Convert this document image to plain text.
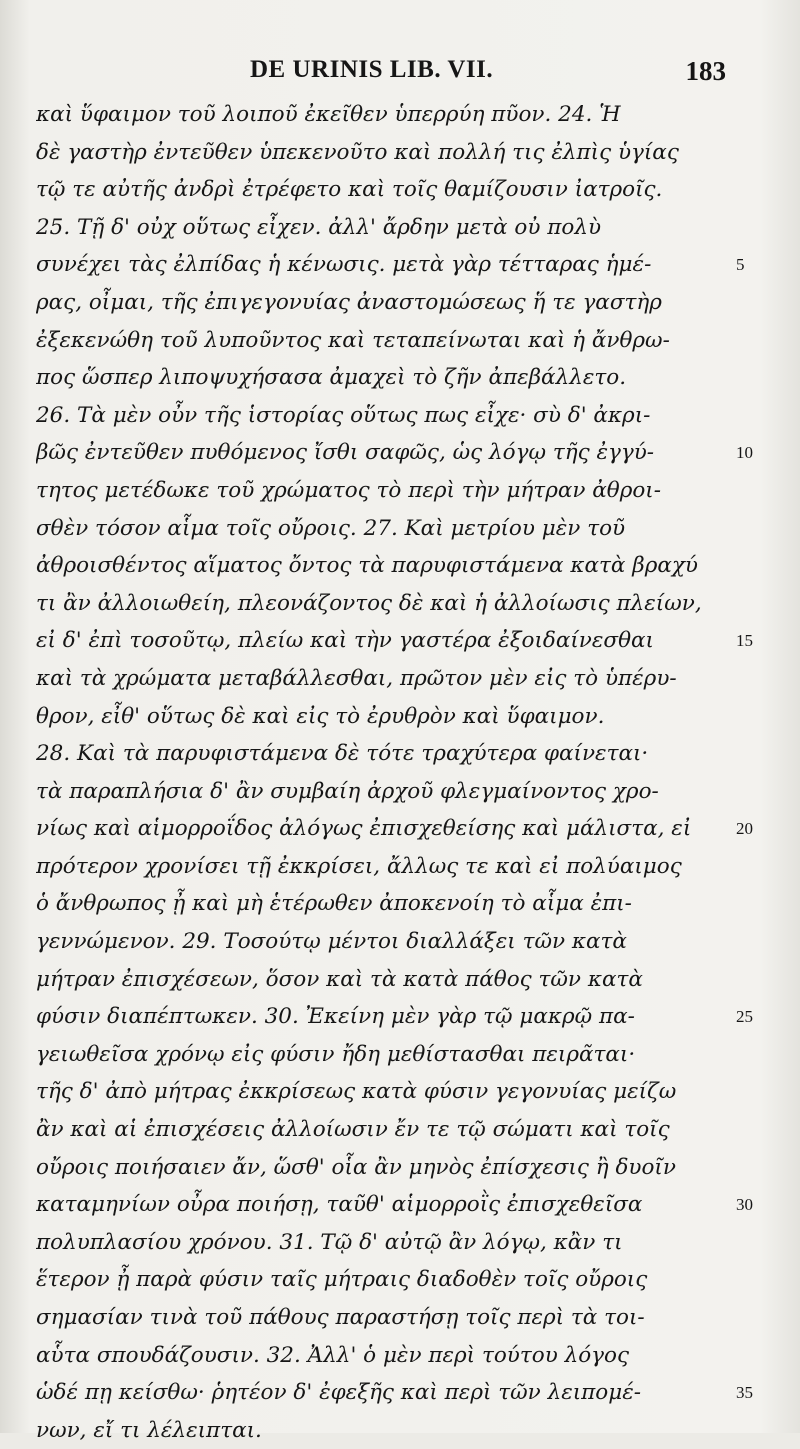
DE URINIS LIB. VII.	183
καὶ ὕφαιμον τοῦ λοιποῦ ἐκεῖθεν ὑπερρύη πῦον. 24. Ἡ
δὲ γαστὴρ ἐντεῦθεν ὑπεκενοῦτο καὶ πολλή τις ἐλπὶς ὑγίας
τῷ τε αὐτῆς ἀνδρὶ ἐτρέφετο καὶ τοῖς θαμίζουσιν ἰατροῖς.
25. Τῇ δ' οὐχ οὕτως εἶχεν. ἀλλ' ἄρδην μετὰ οὐ πολὺ
συνέχει τὰς ἐλπίδας ἡ κένωσις. μετὰ γὰρ τέτταρας ἡμέ-
ρας, οἶμαι, τῆς ἐπιγεγονυίας ἀναστομώσεως ἥ τε γαστὴρ
ἐξεκενώθη τοῦ λυποῦντος καὶ τεταπείνωται καὶ ἡ ἄνθρω-
πος ὥσπερ λιποψυχήσασα ἀμαχεὶ τὸ ζῆν ἀπεβάλλετο.
26. Τὰ μὲν οὖν τῆς ἱστορίας οὕτως πως εἶχε· σὺ δ' ἀκρι-
βῶς ἐντεῦθεν πυθόμενος ἴσθι σαφῶς, ὡς λόγῳ τῆς ἐγγύ-
τητος μετέδωκε τοῦ χρώματος τὸ περὶ τὴν μήτραν ἀθροι-
σθὲν τόσον αἷμα τοῖς οὔροις. 27. Καὶ μετρίου μὲν τοῦ
ἀθροισθέντος αἵματος ὄντος τὰ παρυφιστάμενα κατὰ βραχύ
τι ἂν ἀλλοιωθείη, πλεονάζοντος δὲ καὶ ἡ ἀλλοίωσις πλείων,
εἰ δ' ἐπὶ τοσοῦτῳ, πλείω καὶ τὴν γαστέρα ἐξοιδαίνεσθαι
καὶ τὰ χρώματα μεταβάλλεσθαι, πρῶτον μὲν εἰς τὸ ὑπέρυ-
θρον, εἶθ' οὕτως δὲ καὶ εἰς τὸ ἐρυθρὸν καὶ ὕφαιμον.
28. Καὶ τὰ παρυφιστάμενα δὲ τότε τραχύτερα φαίνεται·
τὰ παραπλήσια δ' ἂν συμβαίη ἀρχοῦ φλεγμαίνοντος χρο-
νίως καὶ αἱμορροΐδος ἀλόγως ἐπισχεθείσης καὶ μάλιστα, εἰ
πρότερον χρονίσει τῇ ἐκκρίσει, ἄλλως τε καὶ εἰ πολύαιμος
ὁ ἄνθρωπος ᾖ καὶ μὴ ἑτέρωθεν ἀποκενοίη τὸ αἷμα ἐπι-
γεννώμενον. 29. Τοσούτῳ μέντοι διαλλάξει τῶν κατὰ
μήτραν ἐπισχέσεων, ὅσον καὶ τὰ κατὰ πάθος τῶν κατὰ
φύσιν διαπέπτωκεν. 30. Ἐκείνη μὲν γὰρ τῷ μακρῷ πα-
γειωθεῖσα χρόνῳ εἰς φύσιν ἤδη μεθίστασθαι πειρᾶται·
τῆς δ' ἀπὸ μήτρας ἐκκρίσεως κατὰ φύσιν γεγονυίας μείζω
ἂν καὶ αἱ ἐπισχέσεις ἀλλοίωσιν ἔν τε τῷ σώματι καὶ τοῖς
οὔροις ποιήσαιεν ἄν, ὥσθ' οἷα ἂν μηνὸς ἐπίσχεσις ἢ δυοῖν
καταμηνίων οὖρα ποιήσῃ, ταῦθ' αἱμορροῒς ἐπισχεθεῖσα
πολυπλασίου χρόνου. 31. Τῷ δ' αὐτῷ ἂν λόγῳ, κἂν τι
ἕτερον ᾖ παρὰ φύσιν ταῖς μήτραις διαδοθὲν τοῖς οὔροις
σημασίαν τινὰ τοῦ πάθους παραστήσῃ τοῖς περὶ τὰ τοι-
αὗτα σπουδάζουσιν. 32. Ἀλλ' ὁ μὲν περὶ τούτου λόγος
ὡδέ πῃ κείσθω· ῥητέον δ' ἐφεξῆς καὶ περὶ τῶν λειπομέ-
νων, εἴ τι λέλειπται.
5
10
15
20
25
30
35
